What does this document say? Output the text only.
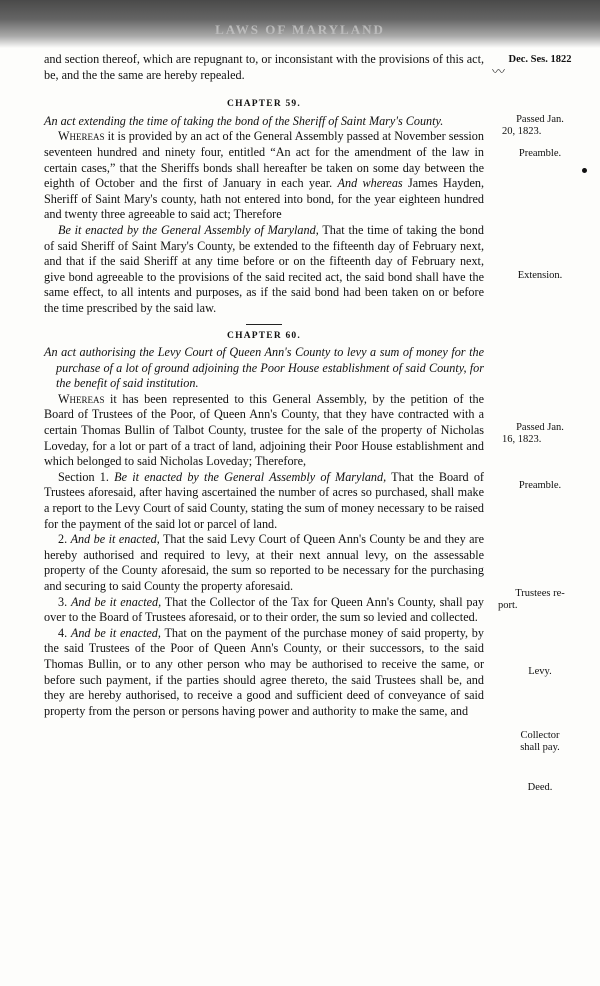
LAWS OF MARYLAND

and section thereof, which are repugnant to, or inconsistant with the provisions of this act, be, and the the same are hereby repealed.

CHAPTER 59.

An act extending the time of taking the bond of the Sheriff of Saint Mary's County.

Whereas it is provided by an act of the General Assembly passed at November session seventeen hundred and ninety four, entitled “An act for the amendment of the law in certain cases,” that the Sheriffs bonds shall hereafter be taken on some day between the eighth of October and the first of January in each year. And whereas James Hayden, Sheriff of Saint Mary's county, hath not entered into bond, for the year eighteen hundred and twenty three agreeable to said act; Therefore

Be it enacted by the General Assembly of Maryland, That the time of taking the bond of said Sheriff of Saint Mary's County, be extended to the fifteenth day of February next, and that if the said Sheriff at any time before or on the fifteenth day of February next, give bond agreeable to the provisions of the said recited act, the said bond shall have the same effect, to all intents and purposes, as if the said bond had been taken on or before the time prescribed by the said law.

CHAPTER 60.

An act authorising the Levy Court of Queen Ann's County to levy a sum of money for the purchase of a lot of ground adjoining the Poor House establishment of said County, for the benefit of said institution.

Whereas it has been represented to this General Assembly, by the petition of the Board of Trustees of the Poor, of Queen Ann's County, that they have contracted with a certain Thomas Bullin of Talbot County, trustee for the sale of the property of Nicholas Loveday, for a lot or part of a tract of land, adjoining their Poor House establishment and which belonged to said Nicholas Loveday; Therefore,

Section 1. Be it enacted by the General Assembly of Maryland, That the Board of Trustees aforesaid, after having ascertained the number of acres so purchased, shall make a report to the Levy Court of said County, stating the sum of money necessary to be raised for the payment of the said lot or parcel of land.

2. And be it enacted, That the said Levy Court of Queen Ann's County be and they are hereby authorised and required to levy, at their next annual levy, on the assessable property of the County aforesaid, the sum so reported to be necessary for the purchasing and securing to said County the property aforesaid.

3. And be it enacted, That the Collector of the Tax for Queen Ann's County, shall pay over to the Board of Trustees aforesaid, or to their order, the sum so levied and collected.

4. And be it enacted, That on the payment of the purchase money of said property, by the said Trustees of the Poor of Queen Ann's County, or their successors, to the said Thomas Bullin, or to any other person who may be authorised to receive the same, or before such payment, if the parties should agree thereto, the said Trustees shall be, and they are hereby authorised, to receive a good and sufficient deed of conveyance of said property from the person or persons having power and authority to make the same, and

Dec. Ses. 1822
〰
Passed Jan.
20, 1823.
Preamble.
Extension.
Passed Jan.
16, 1823.
Preamble.
Trustees re-
port.
Levy.
Collector
shall pay.
Deed.
